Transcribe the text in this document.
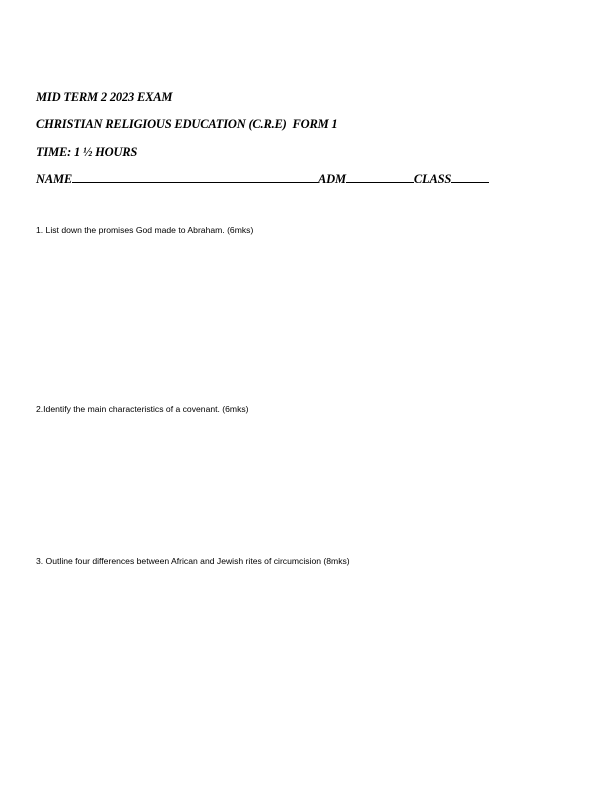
MID TERM 2 2023 EXAM
CHRISTIAN RELIGIOUS EDUCATION (C.R.E)  FORM 1
TIME: 1 ½ HOURS
NAME	ADM	CLASS
1. List down the promises God made to Abraham. (6mks)
2.Identify the main characteristics of a covenant. (6mks)
3. Outline four differences between African and Jewish rites of circumcision (8mks)
